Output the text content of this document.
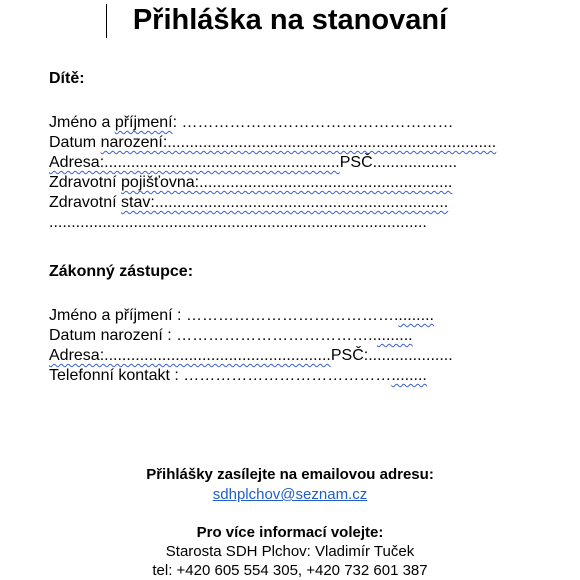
Přihláška na stanovaní
Dítě:
Jméno a příjmení: ……………………………………………
Datum narození:..........................................................................
Adresa:.....................................................PSČ...................
Zdravotní pojišťovna:.........................................................
Zdravotní stav:..................................................................
.....................................................................................
Zákonný zástupce:
Jméno a příjmení : ………………………………….........
Datum narození : ………………………………..........
Adresa:...................................................PSČ:...................
Telefonní kontakt : …………………………………........
Přihlášky zasílejte na emailovou adresu:
sdhplchov@seznam.cz
Pro více informací volejte:
Starosta SDH Plchov: Vladimír Tuček
tel: +420 605 554 305, +420 732 601 387
